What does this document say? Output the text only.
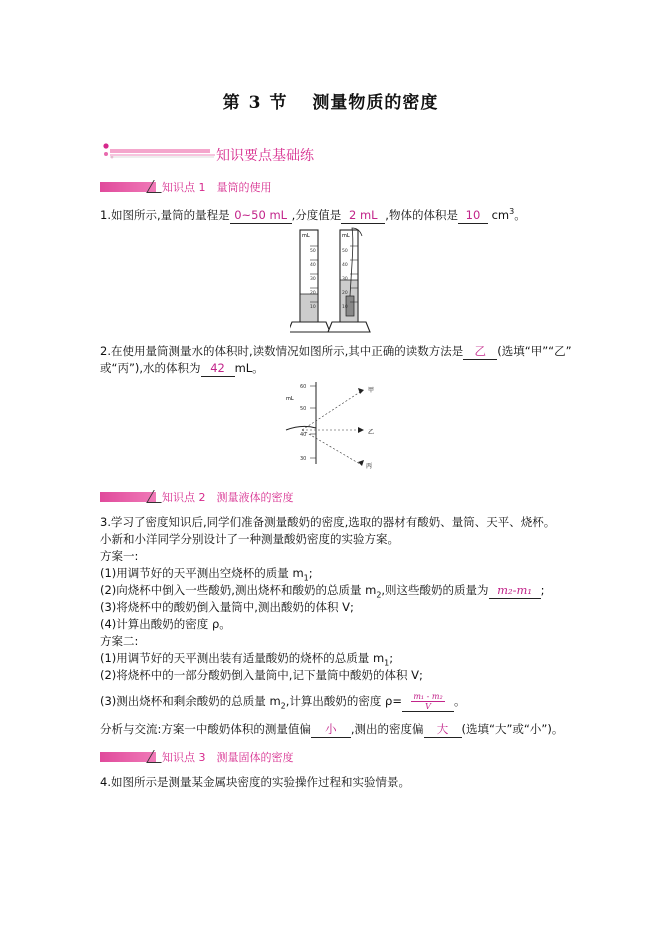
第 3 节　 测量物质的密度
知识要点基础练
知识点 1　量筒的使用
1.如图所示,量筒的量程是 0~50 mL ,分度值是 2 mL ,物体的体积是 10 $cm^3$。
mL
50
40
30
20
10
mL
50
40
30
20
10
2.在使用量筒测量水的体积时,读数情况如图所示,其中正确的读数方法是 乙 (选填“甲”“乙”
或“丙”),水的体积为 42 mL。
mL
60
50
40
30
甲
乙
丙
知识点 2　测量液体的密度
3.学习了密度知识后,同学们准备测量酸奶的密度,选取的器材有酸奶、量筒、天平、烧杯。
小新和小洋同学分别设计了一种测量酸奶密度的实验方案。
方案一:
(1)用调节好的天平测出空烧杯的质量 $m_1$;
(2)向烧杯中倒入一些酸奶,测出烧杯和酸奶的总质量 $m_2$,则这些酸奶的质量为 m₂-m₁ ;
(3)将烧杯中的酸奶倒入量筒中,测出酸奶的体积 V;
(4)计算出酸奶的密度 ρ。
方案二:
(1)用调节好的天平测出装有适量酸奶的烧杯的总质量 $m_1$;
(2)将烧杯中的一部分酸奶倒入量筒中,记下量筒中酸奶的体积 V;
(3)测出烧杯和剩余酸奶的总质量 $m_2$,计算出酸奶的密度 $\rho= \frac{\text{m₁ - m₂}}{V}$ 。
分析与交流:方案一中酸奶体积的测量值偏 小 ,测出的密度偏 大 (选填“大”或“小”)。
知识点 3　测量固体的密度
4.如图所示是测量某金属块密度的实验操作过程和实验情景。
